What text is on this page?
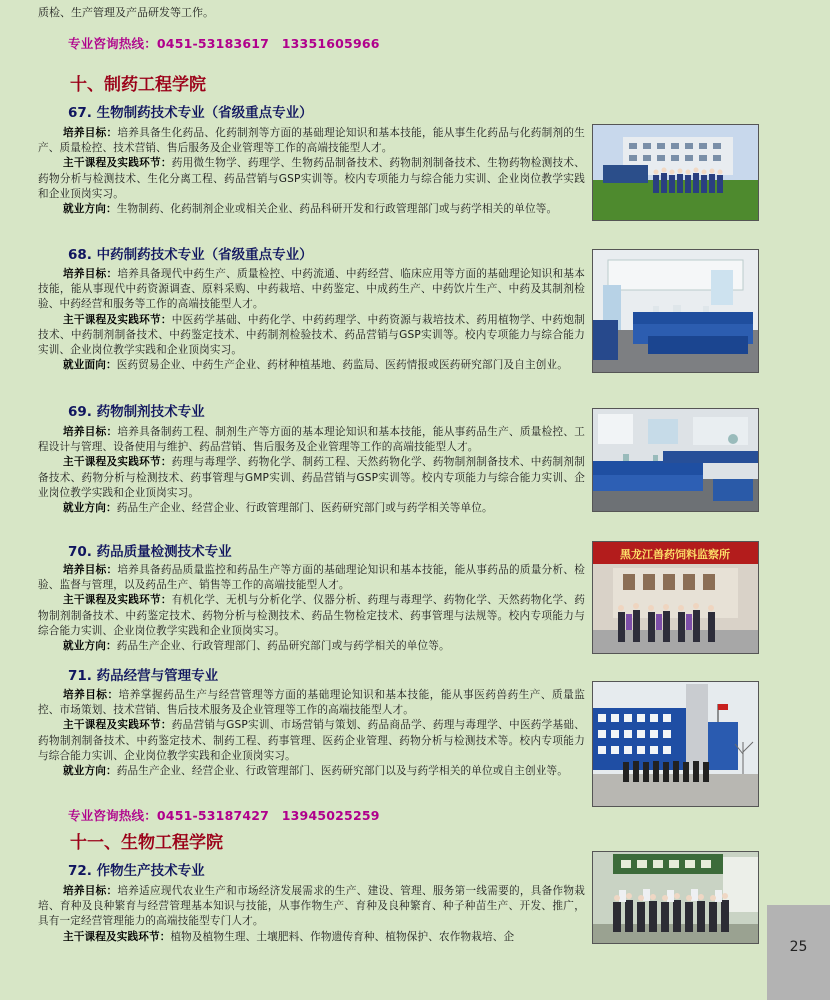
质检、生产管理及产品研发等工作。
专业咨询热线：0451-53183617　13351605966
十、制药工程学院
67. 生物制药技术专业（省级重点专业）

培养目标：培养具备生化药品、化药制剂等方面的基础理论知识和基本技能，能从事生化药品与化药制剂的生产、质量检控、技术营销、售后服务及企业管理等工作的高端技能型人才。

主干课程及实践环节：药用微生物学、药理学、生物药品制备技术、药物制剂制备技术、生物药物检测技术、药物分析与检测技术、生化分离工程、药品营销与GSP实训等。校内专项能力与综合能力实训、企业岗位教学实践和企业顶岗实习。

就业方向：生物制药、化药制剂企业或相关企业、药品科研开发和行政管理部门或与药学相关的单位等。

68. 中药制药技术专业（省级重点专业）

培养目标：培养具备现代中药生产、质量检控、中药流通、中药经营、临床应用等方面的基础理论知识和基本技能，能从事现代中药资源调查、原料采购、中药栽培、中药鉴定、中成药生产、中药饮片生产、中药及其制剂检验、中药经营和服务等工作的高端技能型人才。

主干课程及实践环节：中医药学基础、中药化学、中药药理学、中药资源与栽培技术、药用植物学、中药炮制技术、中药制剂制备技术、中药鉴定技术、中药制剂检验技术、药品营销与GSP实训等。校内专项能力与综合能力实训、企业岗位教学实践和企业顶岗实习。

就业面向：医药贸易企业、中药生产企业、药材种植基地、药监局、医药情报或医药研究部门及自主创业。

69. 药物制剂技术专业

培养目标：培养具备制药工程、制剂生产等方面的基本理论知识和基本技能，能从事药品生产、质量检控、工程设计与管理、设备使用与维护、药品营销、售后服务及企业管理等工作的高端技能型人才。

主干课程及实践环节：药理与毒理学、药物化学、制药工程、天然药物化学、药物制剂制备技术、中药制剂制备技术、药物分析与检测技术、药事管理与GMP实训、药品营销与GSP实训等。校内专项能力与综合能力实训、企业岗位教学实践和企业顶岗实习。

就业方向：药品生产企业、经营企业、行政管理部门、医药研究部门或与药学相关等单位。

70. 药品质量检测技术专业

培养目标：培养具备药品质量监控和药品生产等方面的基础理论知识和基本技能，能从事药品的质量分析、检验、监督与管理，以及药品生产、销售等工作的高端技能型人才。

主干课程及实践环节：有机化学、无机与分析化学、仪器分析、药理与毒理学、药物化学、天然药物化学、药物制剂制备技术、中药鉴定技术、药物分析与检测技术、药品生物检定技术、药事管理与法规等。校内专项能力与综合能力实训、企业岗位教学实践和企业顶岗实习。

就业方向：药品生产企业、行政管理部门、药品研究部门或与药学相关的单位等。

黑龙江兽药饲料监察所
71. 药品经营与管理专业

培养目标：培养掌握药品生产与经营管理等方面的基础理论知识和基本技能，能从事医药兽药生产、质量监控、市场策划、技术营销、售后技术服务及企业管理等工作的高端技能型人才。

主干课程及实践环节：药品营销与GSP实训、市场营销与策划、药品商品学、药理与毒理学、中医药学基础、药物制剂制备技术、中药鉴定技术、制药工程、药事管理、医药企业管理、药物分析与检测技术等。校内专项能力与综合能力实训、企业岗位教学实践和企业顶岗实习。

就业方向：药品生产企业、经营企业、行政管理部门、医药研究部门以及与药学相关的单位或自主创业等。

专业咨询热线：0451-53187427　13945025259
十一、生物工程学院
72. 作物生产技术专业

培养目标：培养适应现代农业生产和市场经济发展需求的生产、建设、管理、服务第一线需要的，具备作物栽培、育种及良种繁育与经营管理基本知识与技能，从事作物生产、育种及良种繁育、种子种苗生产、开发、推广，具有一定经营管理能力的高端技能型专门人才。

主干课程及实践环节：植物及植物生理、土壤肥料、作物遗传育种、植物保护、农作物栽培、企

25
